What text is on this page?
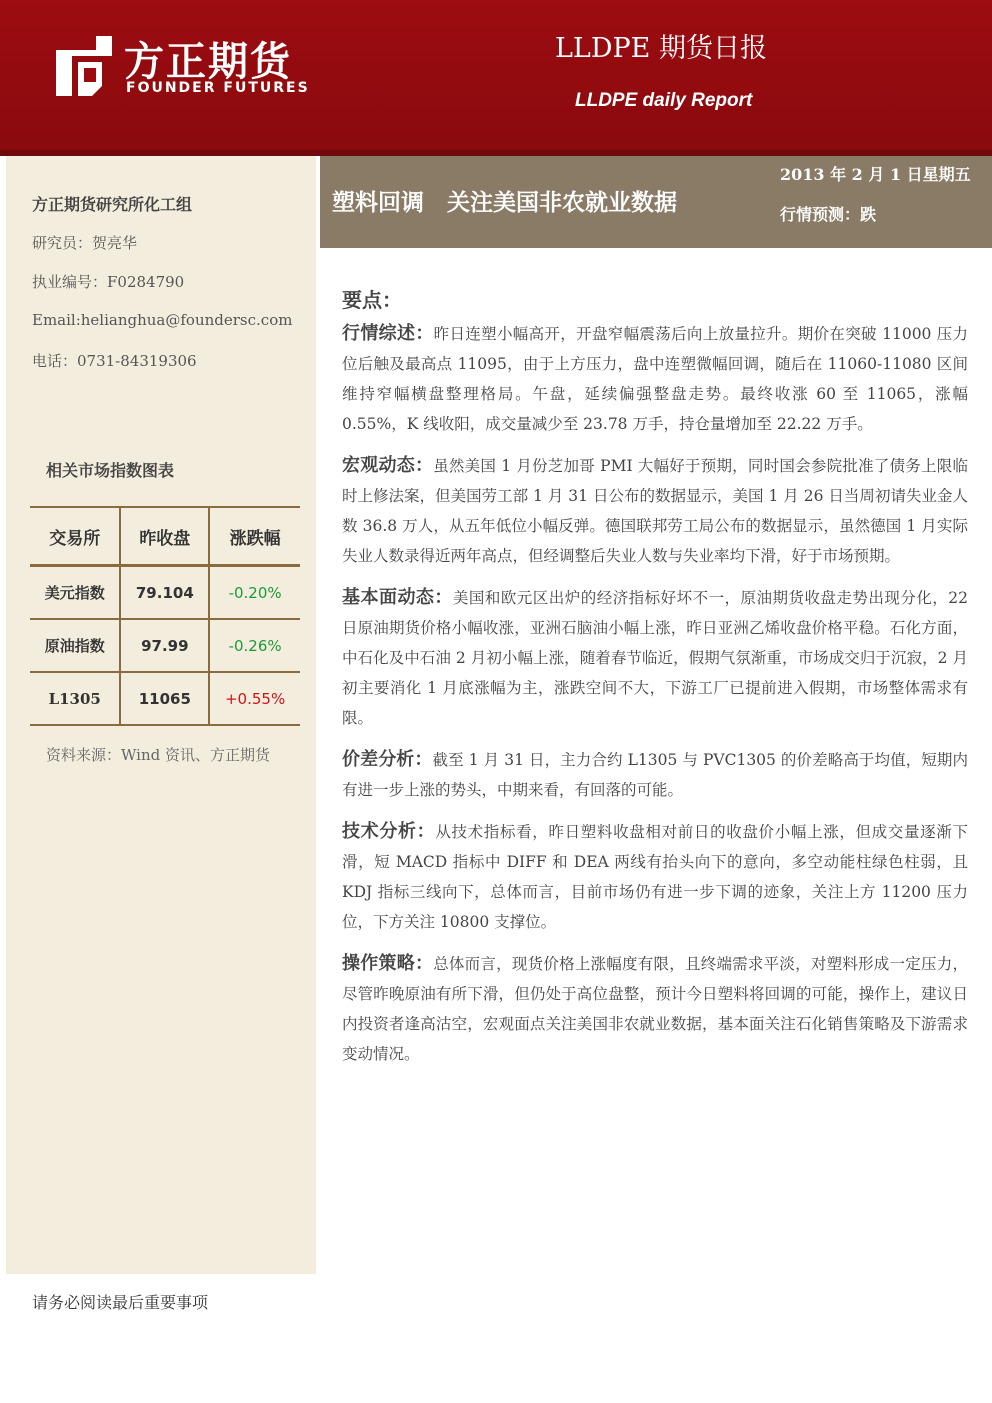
方正期货
FOUNDER FUTURES
LLDPE 期货日报
LLDPE daily Report
方正期货研究所化工组
研究员：贺亮华
执业编号：F0284790
Email:helianghua@foundersc.com
电话：0731-84319306
相关市场指数图表
交易所	昨收盘	涨跌幅
美元指数	79.104	-0.20%
原油指数	97.99	-0.26%
L1305	11065	+0.55%
资料来源：Wind 资讯、方正期货
塑料回调　关注美国非农就业数据
2013 年 2 月 1 日星期五
行情预测：跌
要点：

行情综述：昨日连塑小幅高开，开盘窄幅震荡后向上放量拉升。期价在突破 11000 压力位后触及最高点 11095，由于上方压力，盘中连塑微幅回调，随后在 11060-11080 区间维持窄幅横盘整理格局。午盘，延续偏强整盘走势。最终收涨 60 至 11065，涨幅 0.55%，K 线收阳，成交量减少至 23.78 万手，持仓量增加至 22.22 万手。

宏观动态：虽然美国 1 月份芝加哥 PMI 大幅好于预期，同时国会参院批准了债务上限临时上修法案，但美国劳工部 1 月 31 日公布的数据显示，美国 1 月 26 日当周初请失业金人数 36.8 万人，从五年低位小幅反弹。德国联邦劳工局公布的数据显示，虽然德国 1 月实际失业人数录得近两年高点，但经调整后失业人数与失业率均下滑，好于市场预期。

基本面动态：美国和欧元区出炉的经济指标好坏不一，原油期货收盘走势出现分化，22 日原油期货价格小幅收涨，亚洲石脑油小幅上涨，昨日亚洲乙烯收盘价格平稳。石化方面，中石化及中石油 2 月初小幅上涨，随着春节临近，假期气氛渐重，市场成交归于沉寂，2 月初主要消化 1 月底涨幅为主，涨跌空间不大，下游工厂已提前进入假期，市场整体需求有限。

价差分析：截至 1 月 31 日，主力合约 L1305 与 PVC1305 的价差略高于均值，短期内有进一步上涨的势头，中期来看，有回落的可能。

技术分析：从技术指标看，昨日塑料收盘相对前日的收盘价小幅上涨，但成交量逐渐下滑，短 MACD 指标中 DIFF 和 DEA 两线有抬头向下的意向，多空动能柱绿色柱弱，且 KDJ 指标三线向下，总体而言，目前市场仍有进一步下调的迹象，关注上方 11200 压力位，下方关注 10800 支撑位。

操作策略：总体而言，现货价格上涨幅度有限，且终端需求平淡，对塑料形成一定压力，尽管昨晚原油有所下滑，但仍处于高位盘整，预计今日塑料将回调的可能，操作上，建议日内投资者逢高沽空，宏观面点关注美国非农就业数据，基本面关注石化销售策略及下游需求变动情况。

请务必阅读最后重要事项
